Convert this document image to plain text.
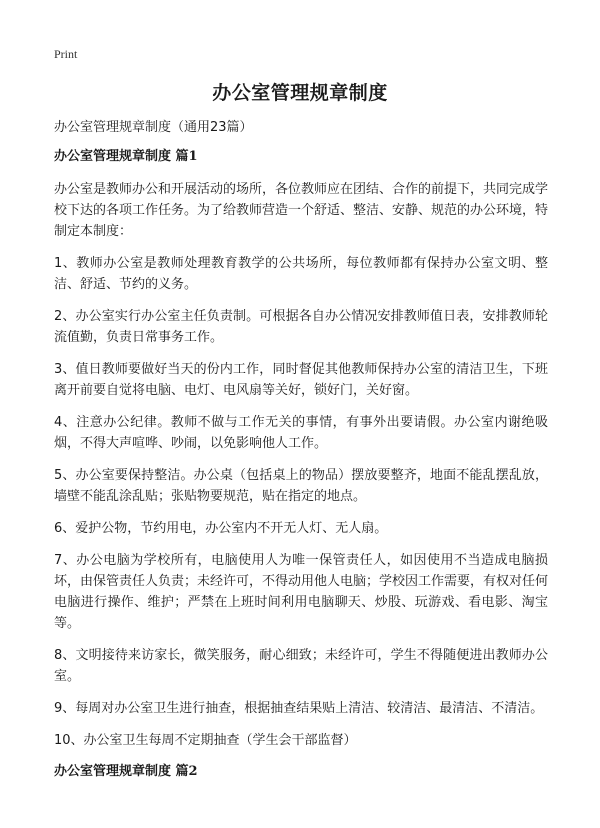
Print
办公室管理规章制度

办公室管理规章制度（通用23篇）

办公室管理规章制度 篇1

办公室是教师办公和开展活动的场所，各位教师应在团结、合作的前提下，共同完成学校下达的各项工作任务。为了给教师营造一个舒适、整洁、安静、规范的办公环境，特制定本制度：

1、教师办公室是教师处理教育教学的公共场所，每位教师都有保持办公室文明、整洁、舒适、节约的义务。

2、办公室实行办公室主任负责制。可根据各自办公情况安排教师值日表，安排教师轮流值勤，负责日常事务工作。

3、值日教师要做好当天的份内工作，同时督促其他教师保持办公室的清洁卫生，下班离开前要自觉将电脑、电灯、电风扇等关好，锁好门，关好窗。

4、注意办公纪律。教师不做与工作无关的事情，有事外出要请假。办公室内谢绝吸烟，不得大声喧哗、吵闹，以免影响他人工作。

5、办公室要保持整洁。办公桌（包括桌上的物品）摆放要整齐，地面不能乱摆乱放，墙壁不能乱涂乱贴；张贴物要规范，贴在指定的地点。

6、爱护公物，节约用电，办公室内不开无人灯、无人扇。

7、办公电脑为学校所有，电脑使用人为唯一保管责任人，如因使用不当造成电脑损坏，由保管责任人负责；未经许可，不得动用他人电脑；学校因工作需要，有权对任何电脑进行操作、维护；严禁在上班时间利用电脑聊天、炒股、玩游戏、看电影、淘宝等。

8、文明接待来访家长，微笑服务，耐心细致；未经许可，学生不得随便进出教师办公室。

9、每周对办公室卫生进行抽查，根据抽查结果贴上清洁、较清洁、最清洁、不清洁。

10、办公室卫生每周不定期抽查（学生会干部监督）

办公室管理规章制度 篇2
